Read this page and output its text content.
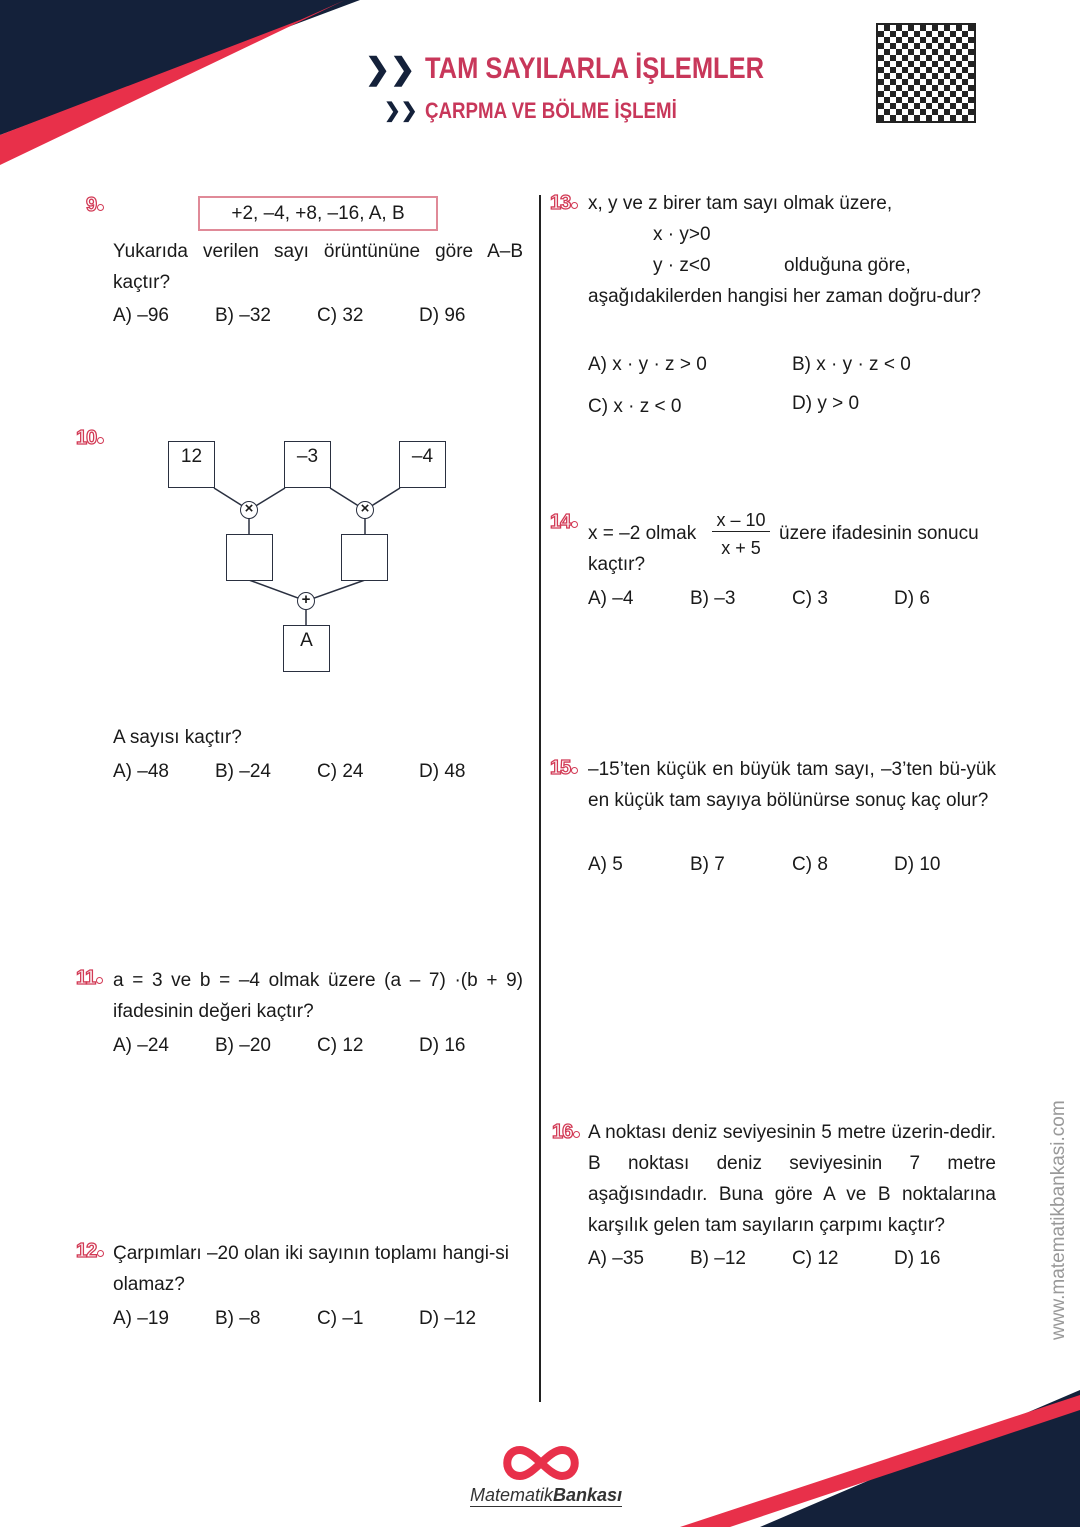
❯❯ TAM SAYILARLA İŞLEMLER
❯❯ ÇARPMA VE BÖLME İŞLEMİ
9	+2, –4, +8, –16, A, B
Yukarıda verilen sayı örüntününe göre A–B kaçtır?
A) –96	B) –32	C) 32	D) 96
10
12	–3	–4
A
×	×
+
A sayısı kaçtır?
A) –48	B) –24	C) 24	D) 48
11 a = 3 ve b = –4 olmak üzere (a – 7) ·(b + 9) ifadesinin değeri kaçtır?
A) –24	B) –20	C) 12	D) 16
12 Çarpımları –20 olan iki sayının toplamı hangi-si olamaz?
A) –19	B) –8	C) –1	D) –12
13 x, y ve z birer tam sayı olmak üzere,
x · y>0
y · z<0	olduğuna göre,
aşağıdakilerden hangisi her zaman doğru-dur?
A) x · y · z > 0	B) x · y · z < 0
C) x · z < 0	D) y > 0
14
x = –2 olmak
x – 10
x + 5
üzere ifadesinin sonucu
kaçtır?
A) –4	B) –3	C) 3	D) 6
15 –15’ten küçük en büyük tam sayı, –3’ten bü-yük en küçük tam sayıya bölünürse sonuç kaç olur?
A) 5	B) 7	C) 8	D) 10
16 A noktası deniz seviyesinin 5 metre üzerin-dedir. B noktası deniz seviyesinin 7 metre aşağısındadır. Buna göre A ve B noktalarına karşılık gelen tam sayıların çarpımı kaçtır?
A) –35	B) –12	C) 12	D) 16
MatematikBankası
www.matematikbankasi.com
